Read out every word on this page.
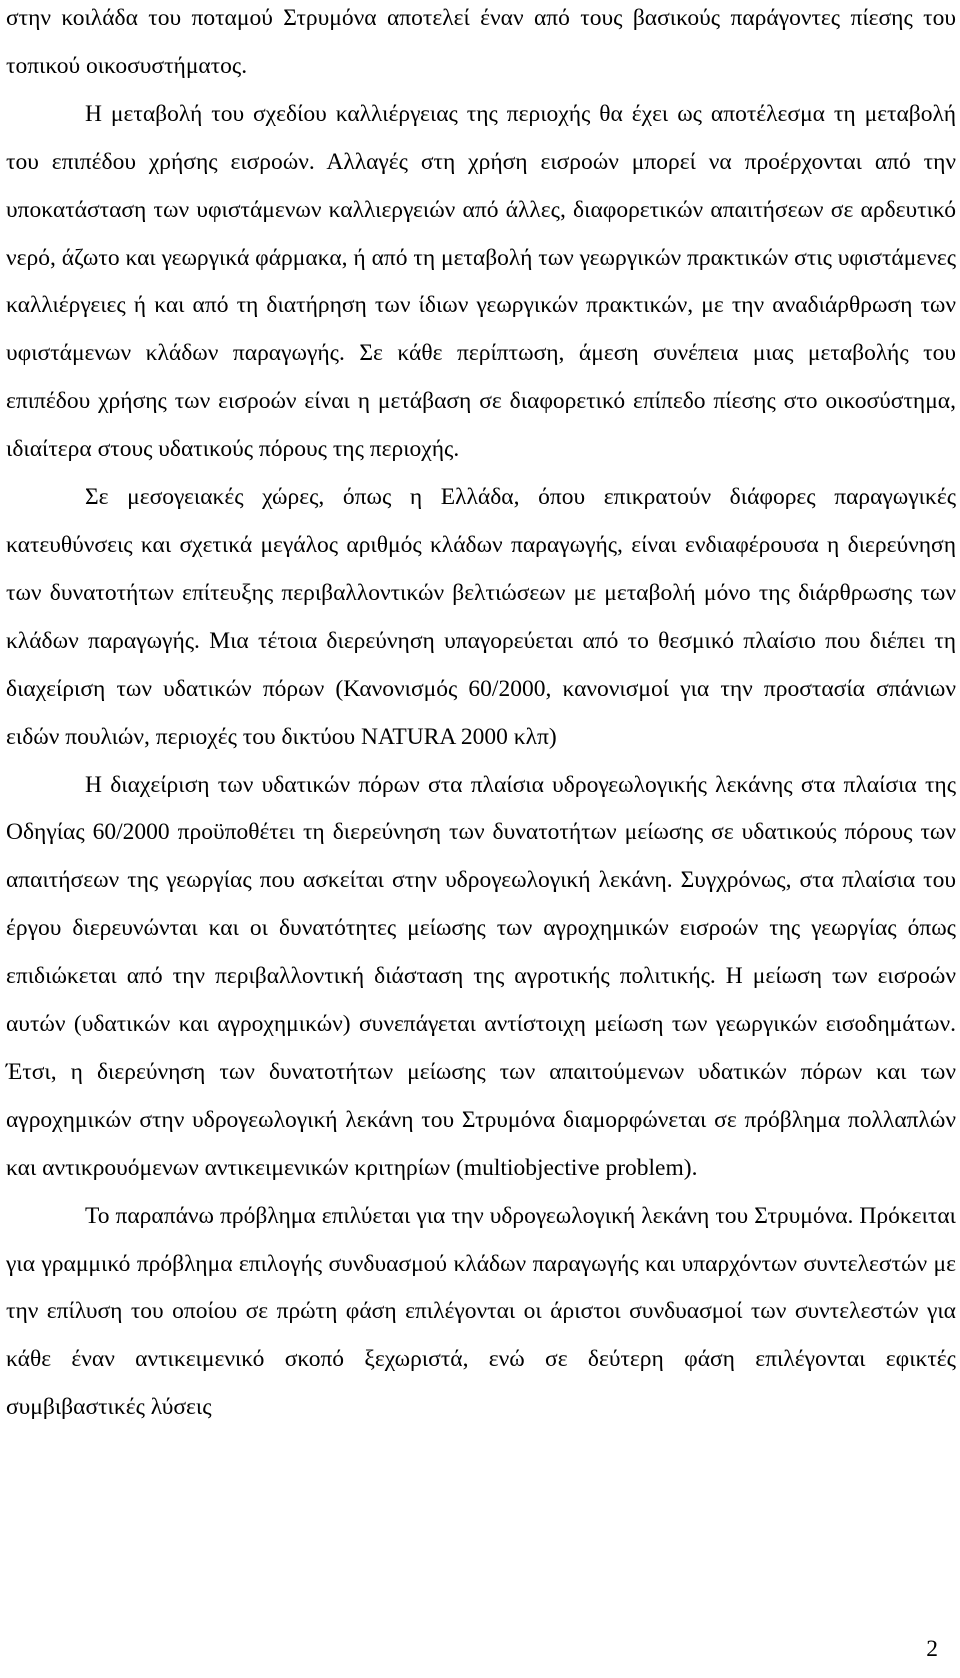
στην κοιλάδα του ποταμού Στρυμόνα αποτελεί έναν από τους βασικούς παράγοντες πίεσης του τοπικού οικοσυστήματος.

Η μεταβολή του σχεδίου καλλιέργειας της περιοχής θα έχει ως αποτέλεσμα τη μεταβολή του επιπέδου χρήσης εισροών. Αλλαγές στη χρήση εισροών μπορεί να προέρχονται από την υποκατάσταση των υφιστάμενων καλλιεργειών από άλλες, διαφορετικών απαιτήσεων σε αρδευτικό νερό, άζωτο και γεωργικά φάρμακα, ή από τη μεταβολή των γεωργικών πρακτικών στις υφιστάμενες καλλιέργειες ή και από τη διατήρηση των ίδιων γεωργικών πρακτικών, με την αναδιάρθρωση των υφιστάμενων κλάδων παραγωγής. Σε κάθε περίπτωση, άμεση συνέπεια μιας μεταβολής του επιπέδου χρήσης των εισροών είναι η μετάβαση σε διαφορετικό επίπεδο πίεσης στο οικοσύστημα, ιδιαίτερα στους υδατικούς πόρους της περιοχής.

Σε μεσογειακές χώρες, όπως η Ελλάδα, όπου επικρατούν διάφορες παραγωγικές κατευθύνσεις και σχετικά μεγάλος αριθμός κλάδων παραγωγής, είναι ενδιαφέρουσα η διερεύνηση των δυνατοτήτων επίτευξης περιβαλλοντικών βελτιώσεων με μεταβολή μόνο της διάρθρωσης των κλάδων παραγωγής. Μια τέτοια διερεύνηση υπαγορεύεται από το θεσμικό πλαίσιο που διέπει τη διαχείριση των υδατικών πόρων (Κανονισμός 60/2000, κανονισμοί για την προστασία σπάνιων ειδών πουλιών, περιοχές του δικτύου NATURA 2000 κλπ)

Η διαχείριση των υδατικών πόρων στα πλαίσια υδρογεωλογικής λεκάνης στα πλαίσια της Οδηγίας 60/2000 προϋποθέτει τη διερεύνηση των δυνατοτήτων μείωσης σε υδατικούς πόρους των απαιτήσεων της γεωργίας που ασκείται στην υδρογεωλογική λεκάνη. Συγχρόνως, στα πλαίσια του έργου διερευνώνται και οι δυνατότητες μείωσης των αγροχημικών εισροών της γεωργίας όπως επιδιώκεται από την περιβαλλοντική διάσταση της αγροτικής πολιτικής. Η μείωση των εισροών αυτών (υδατικών και αγροχημικών) συνεπάγεται αντίστοιχη μείωση των γεωργικών εισοδημάτων. Έτσι, η διερεύνηση των δυνατοτήτων μείωσης των απαιτούμενων υδατικών πόρων και των αγροχημικών στην υδρογεωλογική λεκάνη του Στρυμόνα διαμορφώνεται σε πρόβλημα πολλαπλών και αντικρουόμενων αντικειμενικών κριτηρίων (multiobjective problem).

Το παραπάνω πρόβλημα επιλύεται για την υδρογεωλογική λεκάνη του Στρυμόνα. Πρόκειται για γραμμικό πρόβλημα επιλογής συνδυασμού κλάδων παραγωγής και υπαρχόντων συντελεστών με την επίλυση του οποίου σε πρώτη φάση επιλέγονται οι άριστοι συνδυασμοί των συντελεστών για κάθε έναν αντικειμενικό σκοπό ξεχωριστά, ενώ σε δεύτερη φάση επιλέγονται εφικτές συμβιβαστικές λύσεις

2
